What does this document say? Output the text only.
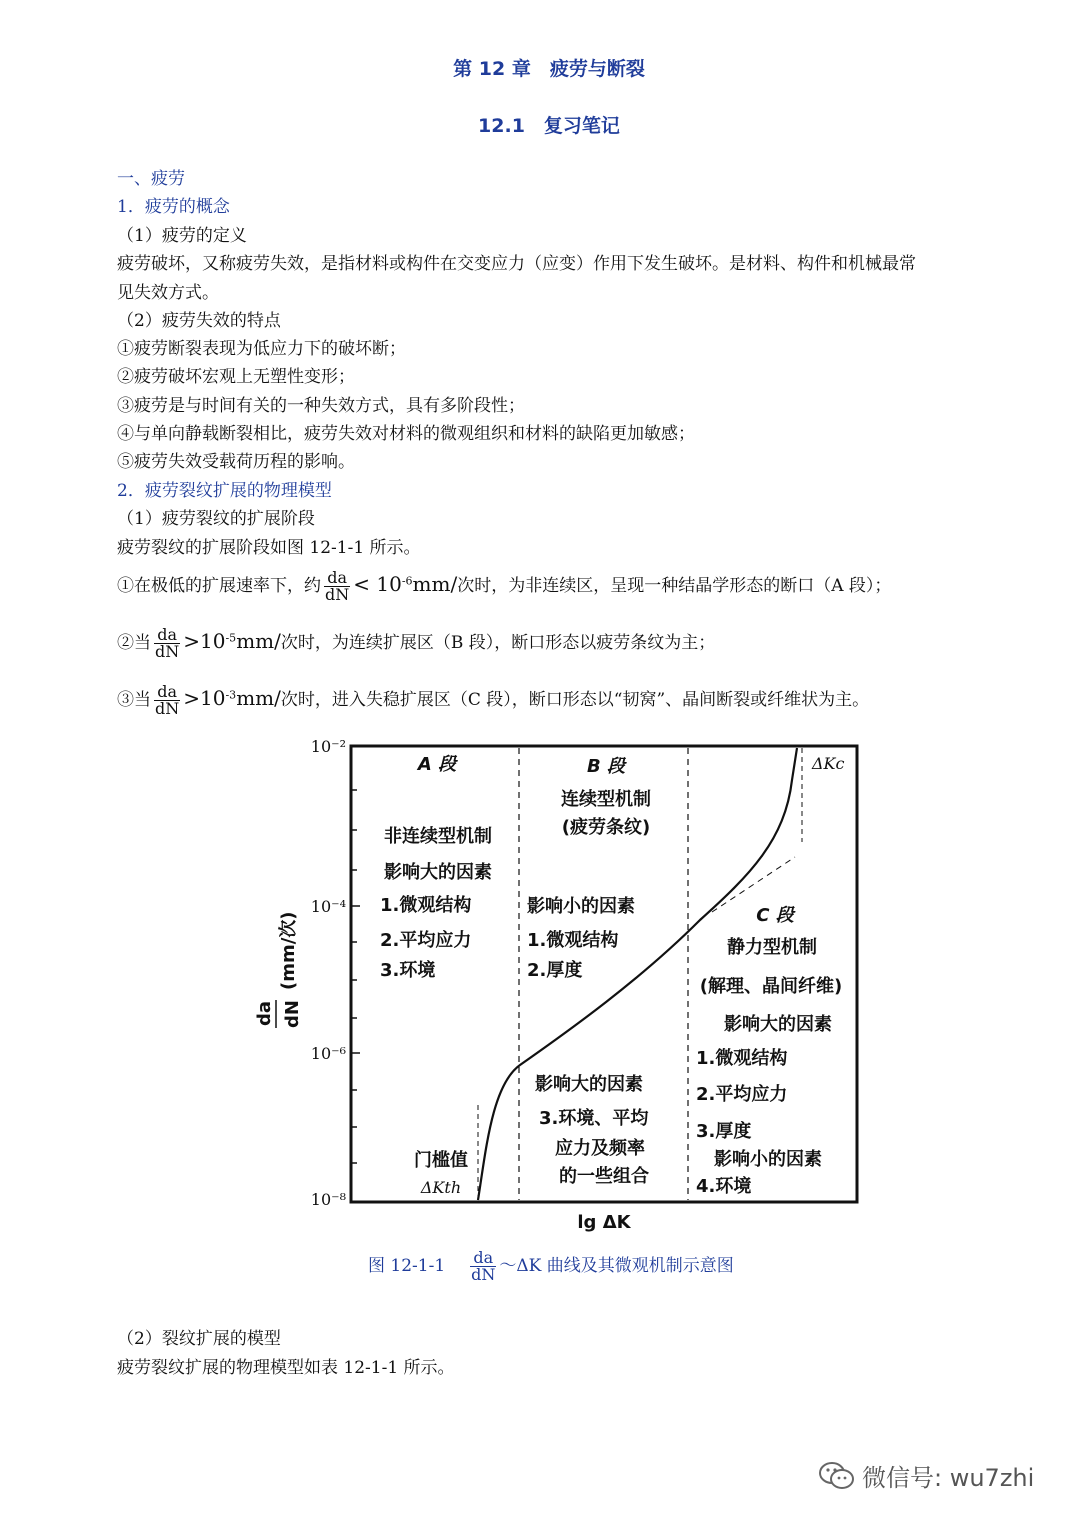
第 12 章　疲劳与断裂
12.1　复习笔记
一、疲劳
1．疲劳的概念
（1）疲劳的定义
疲劳破坏，又称疲劳失效，是指材料或构件在交变应力（应变）作用下发生破坏。是材料、构件和机械最常
见失效方式。
（2）疲劳失效的特点
①疲劳断裂表现为低应力下的破坏断；
②疲劳破坏宏观上无塑性变形；
③疲劳是与时间有关的一种失效方式，具有多阶段性；
④与单向静载断裂相比，疲劳失效对材料的微观组织和材料的缺陷更加敏感；
⑤疲劳失效受载荷历程的影响。
2．疲劳裂纹扩展的物理模型
（1）疲劳裂纹的扩展阶段
疲劳裂纹的扩展阶段如图 12-1-1 所示。
①在极低的扩展速率下，约 $\frac{da}{dN} < 10^{-6}mm/$次时，为非连续区，呈现一种结晶学形态的断口（A 段）；
②当 $\frac{da}{dN} >10^{-5}mm/$次时，为连续扩展区（B 段），断口形态以疲劳条纹为主；
③当 $\frac{da}{dN} >10^{-3}mm/$次时，进入失稳扩展区（C 段），断口形态以“韧窝”、晶间断裂或纤维状为主。
10⁻²
10⁻⁴
10⁻⁶
10⁻⁸
(mm/次)
da dN
lg ΔK
A 段
非连续型机制
影响大的因素
1.微观结构
2.平均应力
3.环境
门槛值
ΔKth
B 段
连续型机制
(疲劳条纹)
影响小的因素
1.微观结构
2.厚度
影响大的因素
3.环境、平均
应力及频率
的一些组合
ΔKc
C 段
静力型机制
(解理、晶间纤维)
影响大的因素
1.微观结构
2.平均应力
3.厚度
影响小的因素
4.环境
图 $12-1-1 \frac{da}{dN}$ ～ΔK 曲线及其微观机制示意图
（2）裂纹扩展的模型
疲劳裂纹扩展的物理模型如表 12-1-1 所示。
微信号: wu7zhi
